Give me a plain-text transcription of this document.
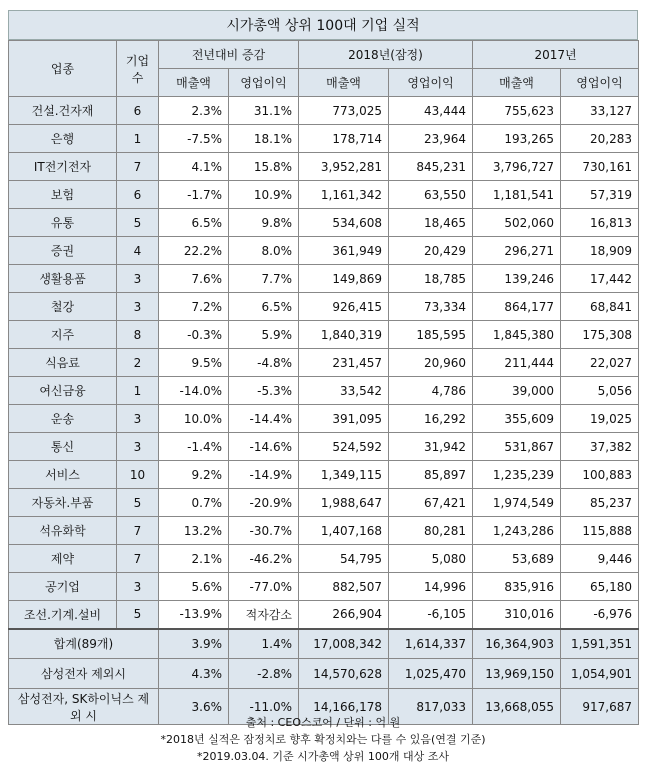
시가총액 상위 100대 기업 실적
업종	기업 수	전년대비 증감		2018년(잠정)		2017년	
		매출액	영업이익	매출액	영업이익	매출액	영업이익
건설.건자재	6	2.3%	31.1%	773,025	43,444	755,623	33,127
은행	1	-7.5%	18.1%	178,714	23,964	193,265	20,283
IT전기전자	7	4.1%	15.8%	3,952,281	845,231	3,796,727	730,161
보험	6	-1.7%	10.9%	1,161,342	63,550	1,181,541	57,319
유통	5	6.5%	9.8%	534,608	18,465	502,060	16,813
증권	4	22.2%	8.0%	361,949	20,429	296,271	18,909
생활용품	3	7.6%	7.7%	149,869	18,785	139,246	17,442
철강	3	7.2%	6.5%	926,415	73,334	864,177	68,841
지주	8	-0.3%	5.9%	1,840,319	185,595	1,845,380	175,308
식음료	2	9.5%	-4.8%	231,457	20,960	211,444	22,027
여신금융	1	-14.0%	-5.3%	33,542	4,786	39,000	5,056
운송	3	10.0%	-14.4%	391,095	16,292	355,609	19,025
통신	3	-1.4%	-14.6%	524,592	31,942	531,867	37,382
서비스	10	9.2%	-14.9%	1,349,115	85,897	1,235,239	100,883
자동차.부품	5	0.7%	-20.9%	1,988,647	67,421	1,974,549	85,237
석유화학	7	13.2%	-30.7%	1,407,168	80,281	1,243,286	115,888
제약	7	2.1%	-46.2%	54,795	5,080	53,689	9,446
공기업	3	5.6%	-77.0%	882,507	14,996	835,916	65,180
조선.기계.설비	5	-13.9%	적자감소	266,904	-6,105	310,016	-6,976
합계(89개)		3.9%	1.4%	17,008,342	1,614,337	16,364,903	1,591,351
삼성전자 제외시		4.3%	-2.8%	14,570,628	1,025,470	13,969,150	1,054,901
삼성전자, SK하이닉스 제외 시		3.6%	-11.0%	14,166,178	817,033	13,668,055	917,687
출처 : CEO스코어 / 단위 : 억 원
*2018년 실적은 잠정치로 향후 확정치와는 다를 수 있음(연결 기준)
*2019.03.04. 기준 시가총액 상위 100개 대상 조사
